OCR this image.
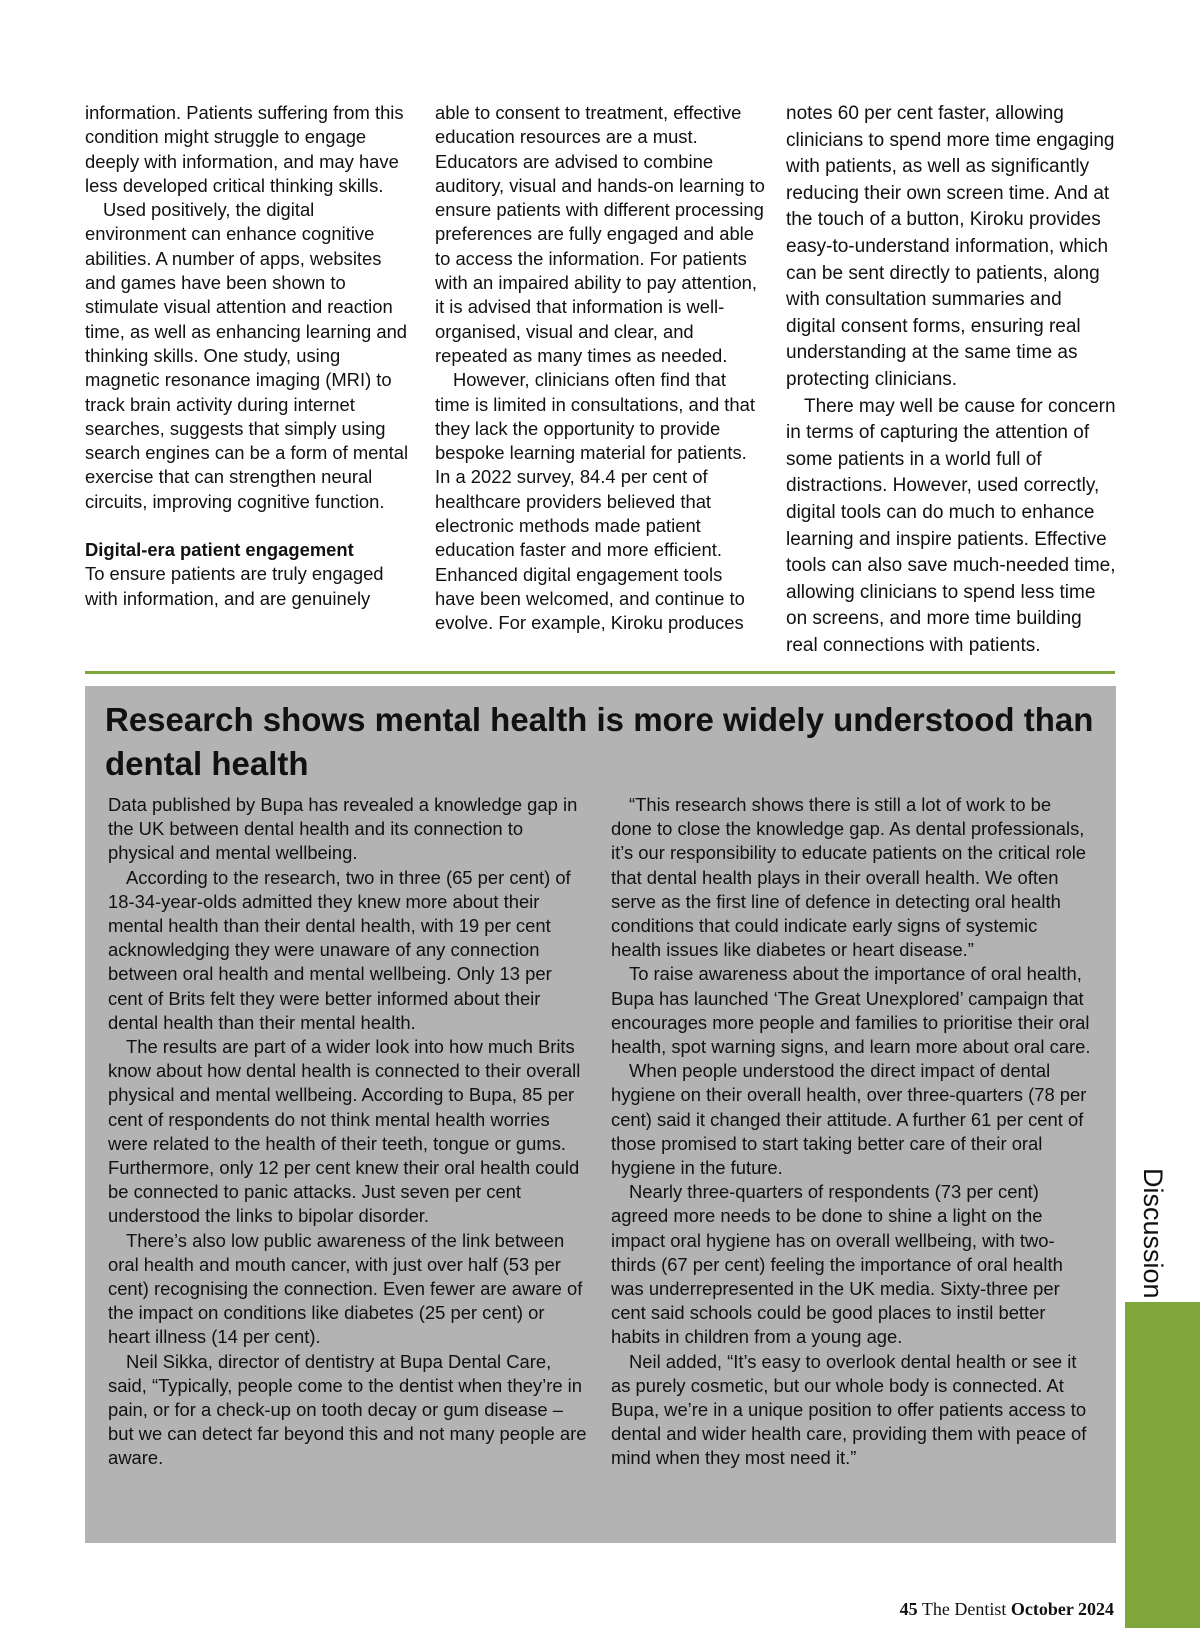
information. Patients suffering from this condition might struggle to engage deeply with information, and may have less developed critical thinking skills.

Used positively, the digital environment can enhance cognitive abilities. A number of apps, websites and games have been shown to stimulate visual attention and reaction time, as well as enhancing learning and thinking skills. One study, using magnetic resonance imaging (MRI) to track brain activity during internet searches, suggests that simply using search engines can be a form of mental exercise that can strengthen neural circuits, improving cognitive function.

Digital-era patient engagement

To ensure patients are truly engaged with information, and are genuinely

able to consent to treatment, effective education resources are a must. Educators are advised to combine auditory, visual and hands-on learning to ensure patients with different processing preferences are fully engaged and able to access the information. For patients with an impaired ability to pay attention, it is advised that information is well-organised, visual and clear, and repeated as many times as needed.

However, clinicians often find that time is limited in consultations, and that they lack the opportunity to provide bespoke learning material for patients. In a 2022 survey, 84.4 per cent of healthcare providers believed that electronic methods made patient education faster and more efficient. Enhanced digital engagement tools have been welcomed, and continue to evolve. For example, Kiroku produces

notes 60 per cent faster, allowing clinicians to spend more time engaging with patients, as well as significantly reducing their own screen time. And at the touch of a button, Kiroku provides easy-to-understand information, which can be sent directly to patients, along with consultation summaries and digital consent forms, ensuring real understanding at the same time as protecting clinicians.

There may well be cause for concern in terms of capturing the attention of some patients in a world full of distractions. However, used correctly, digital tools can do much to enhance learning and inspire patients. Effective tools can also save much-needed time, allowing clinicians to spend less time on screens, and more time building real connections with patients.

Research shows mental health is more widely understood than dental health

Data published by Bupa has revealed a knowledge gap in the UK between dental health and its connection to physical and mental wellbeing.

According to the research, two in three (65 per cent) of 18-34-year-olds admitted they knew more about their mental health than their dental health, with 19 per cent acknowledging they were unaware of any connection between oral health and mental wellbeing. Only 13 per cent of Brits felt they were better informed about their dental health than their mental health.

The results are part of a wider look into how much Brits know about how dental health is connected to their overall physical and mental wellbeing. According to Bupa, 85 per cent of respondents do not think mental health worries were related to the health of their teeth, tongue or gums. Furthermore, only 12 per cent knew their oral health could be connected to panic attacks. Just seven per cent understood the links to bipolar disorder.

There’s also low public awareness of the link between oral health and mouth cancer, with just over half (53 per cent) recognising the connection. Even fewer are aware of the impact on conditions like diabetes (25 per cent) or heart illness (14 per cent).

Neil Sikka, director of dentistry at Bupa Dental Care, said, “Typically, people come to the dentist when they’re in pain, or for a check-up on tooth decay or gum disease – but we can detect far beyond this and not many people are aware.

“This research shows there is still a lot of work to be done to close the knowledge gap. As dental professionals, it’s our responsibility to educate patients on the critical role that dental health plays in their overall health. We often serve as the first line of defence in detecting oral health conditions that could indicate early signs of systemic health issues like diabetes or heart disease.”

To raise awareness about the importance of oral health, Bupa has launched ‘The Great Unexplored’ campaign that encourages more people and families to prioritise their oral health, spot warning signs, and learn more about oral care.

When people understood the direct impact of dental hygiene on their overall health, over three-quarters (78 per cent) said it changed their attitude. A further 61 per cent of those promised to start taking better care of their oral hygiene in the future.

Nearly three-quarters of respondents (73 per cent) agreed more needs to be done to shine a light on the impact oral hygiene has on overall wellbeing, with two-thirds (67 per cent) feeling the importance of oral health was underrepresented in the UK media. Sixty-three per cent said schools could be good places to instil better habits in children from a young age.

Neil added, “It’s easy to overlook dental health or see it as purely cosmetic, but our whole body is connected. At Bupa, we’re in a unique position to offer patients access to dental and wider health care, providing them with peace of mind when they most need it.”

Discussion
45 The Dentist October 2024
